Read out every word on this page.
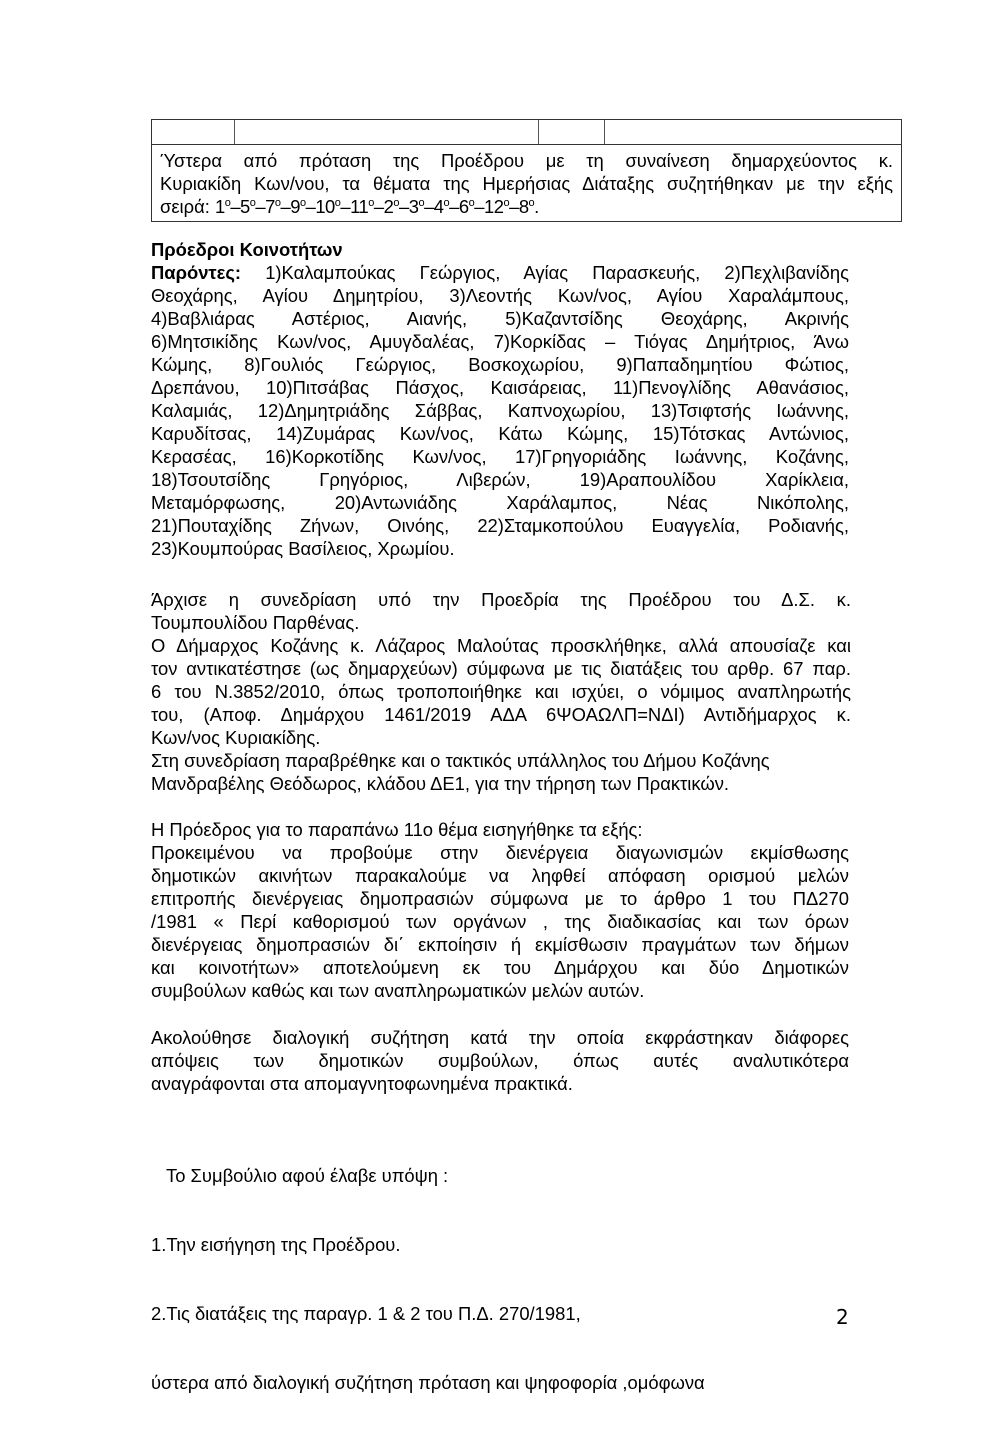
Ύστερα από πρόταση της Προέδρου με τη συναίνεση δημαρχεύοντος κ.
Κυριακίδη Κων/νου, τα θέματα της Ημερήσιας Διάταξης συζητήθηκαν με την εξής
σειρά: $1^o-5^o-7^o-9^o-10^o-11^o-2^o-3^o-4^o-6^o-12^o-8^o$.
Πρόεδροι Κοινοτήτων
Παρόντες: 1)Καλαμπούκας Γεώργιος, Αγίας Παρασκευής, 2)Πεχλιβανίδης
Θεοχάρης, Αγίου Δημητρίου, 3)Λεοντής Κων/νος, Αγίου Χαραλάμπους,
4)Βαβλιάρας Αστέριος, Αιανής, 5)Καζαντσίδης Θεοχάρης, Ακρινής
6)Μητσικίδης Κων/νος, Αμυγδαλέας, 7)Κορκίδας – Τιόγας Δημήτριος, Άνω
Κώμης, 8)Γουλιός Γεώργιος, Βοσκοχωρίου, 9)Παπαδημητίου Φώτιος,
Δρεπάνου, 10)Πιτσάβας Πάσχος, Καισάρειας, 11)Πενογλίδης Αθανάσιος,
Καλαμιάς, 12)Δημητριάδης Σάββας, Καπνοχωρίου, 13)Τσιφτσής Ιωάννης,
Καρυδίτσας, 14)Ζυμάρας Κων/νος, Κάτω Κώμης, 15)Τότσκας Αντώνιος,
Κερασέας, 16)Κορκοτίδης Κων/νος, 17)Γρηγοριάδης Ιωάννης, Κοζάνης,
18)Τσουτσίδης Γρηγόριος, Λιβερών, 19)Αραπουλίδου Χαρίκλεια,
Μεταμόρφωσης, 20)Αντωνιάδης Χαράλαμπος, Νέας Νικόπολης,
21)Πουταχίδης Ζήνων, Οινόης, 22)Σταμκοπούλου Ευαγγελία, Ροδιανής,
23)Κουμπούρας Βασίλειος, Χρωμίου.
Άρχισε η συνεδρίαση υπό την Προεδρία της Προέδρου του Δ.Σ. κ.
Τουμπουλίδου Παρθένας.
Ο Δήμαρχος Κοζάνης κ. Λάζαρος Μαλούτας προσκλήθηκε, αλλά απουσίαζε και
τον αντικατέστησε (ως δημαρχεύων) σύμφωνα με τις διατάξεις του αρθρ. 67 παρ.
6 του Ν.3852/2010, όπως τροποποιήθηκε και ισχύει, ο νόμιμος αναπληρωτής
του, (Αποφ. Δημάρχου 1461/2019 ΑΔΑ 6ΨΟΑΩΛΠ=ΝΔΙ) Αντιδήμαρχος κ.
Κων/νος Κυριακίδης.
Στη συνεδρίαση παραβρέθηκε και ο τακτικός υπάλληλος του Δήμου Κοζάνης
Μανδραβέλης Θεόδωρος, κλάδου ΔΕ1, για την τήρηση των Πρακτικών.
Η Πρόεδρος για το παραπάνω 11ο θέμα εισηγήθηκε τα εξής:
Προκειμένου να προβούμε στην διενέργεια διαγωνισμών εκμίσθωσης
δημοτικών ακινήτων παρακαλούμε να ληφθεί απόφαση ορισμού μελών
επιτροπής διενέργειας δημοπρασιών σύμφωνα με το άρθρο 1 του ΠΔ270
/1981 « Περί καθορισμού των οργάνων , της διαδικασίας και των όρων
διενέργειας δημοπρασιών δι΄ εκποίησιν ή εκμίσθωσιν πραγμάτων των δήμων
και κοινοτήτων» αποτελούμενη εκ του Δημάρχου και δύο Δημοτικών
συμβούλων καθώς και των αναπληρωματικών μελών αυτών.
Ακολούθησε διαλογική συζήτηση κατά την οποία εκφράστηκαν διάφορες
απόψεις των δημοτικών συμβούλων, όπως αυτές αναλυτικότερα
αναγράφονται στα απομαγνητοφωνημένα πρακτικά.

Το Συμβούλιο αφού έλαβε υπόψη :

1.Την εισήγηση της Προέδρου.

2.Τις διατάξεις της παραγρ. 1 & 2 του Π.Δ. 270/1981,

ύστερα από διαλογική συζήτηση πρόταση και ψηφοφορία ,ομόφωνα

2
